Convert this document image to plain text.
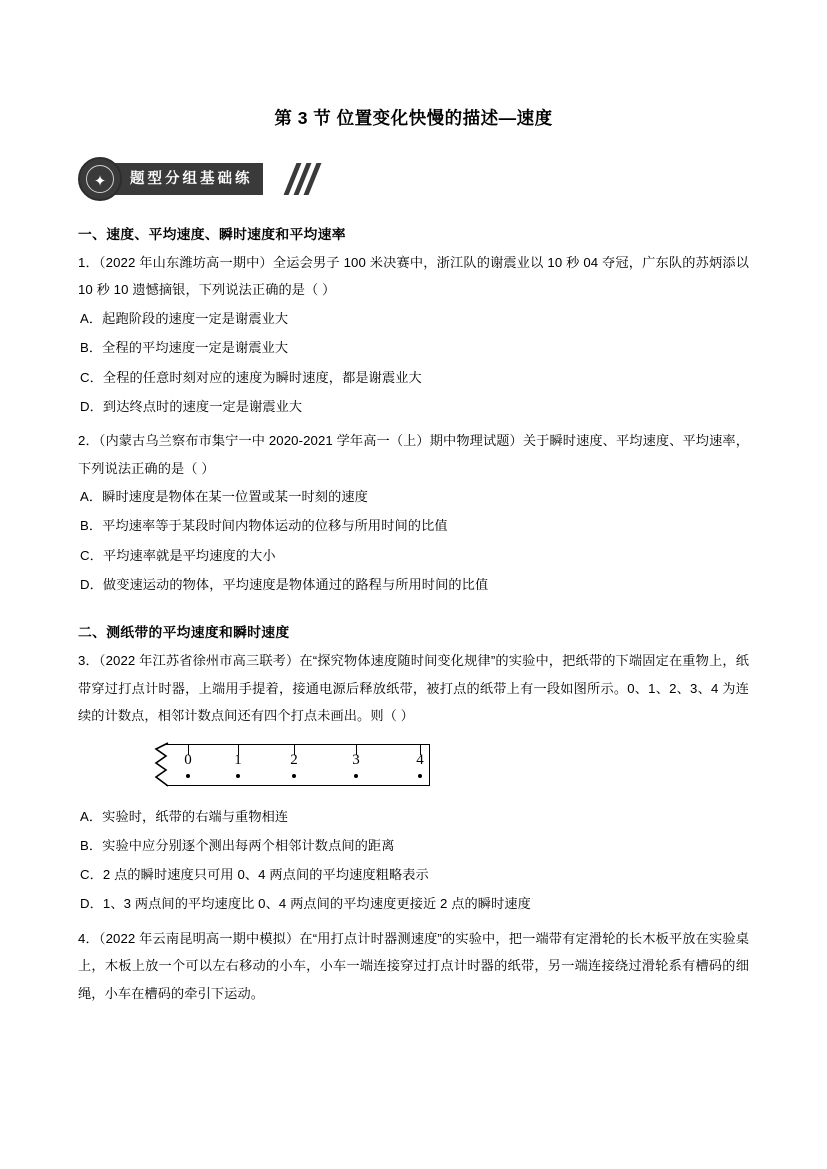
第 3 节 位置变化快慢的描述—速度
题型分组基础练
✦
一、速度、平均速度、瞬时速度和平均速率
1．（2022 年山东潍坊高一期中）全运会男子 100 米决赛中，浙江队的谢震业以 10 秒 04 夺冠，广东队的苏炳添以 10 秒 10 遗憾摘银，下列说法正确的是（ ）
A．起跑阶段的速度一定是谢震业大
B．全程的平均速度一定是谢震业大
C．全程的任意时刻对应的速度为瞬时速度，都是谢震业大
D．到达终点时的速度一定是谢震业大
2．（内蒙古乌兰察布市集宁一中 2020-2021 学年高一（上）期中物理试题）关于瞬时速度、平均速度、平均速率，下列说法正确的是（ ）
A．瞬时速度是物体在某一位置或某一时刻的速度
B．平均速率等于某段时间内物体运动的位移与所用时间的比值
C．平均速率就是平均速度的大小
D．做变速运动的物体，平均速度是物体通过的路程与所用时间的比值
二、测纸带的平均速度和瞬时速度
3．（2022 年江苏省徐州市高三联考）在“探究物体速度随时间变化规律”的实验中，把纸带的下端固定在重物上，纸带穿过打点计时器，上端用手提着，接通电源后释放纸带，被打点的纸带上有一段如图所示。0、1、2、3、4 为连续的计数点，相邻计数点间还有四个打点未画出。则（ ）
0	1	2	3	4
A．实验时，纸带的右端与重物相连
B．实验中应分别逐个测出每两个相邻计数点间的距离
C．2 点的瞬时速度只可用 0、4 两点间的平均速度粗略表示
D．1、3 两点间的平均速度比 0、4 两点间的平均速度更接近 2 点的瞬时速度
4．（2022 年云南昆明高一期中模拟）在“用打点计时器测速度”的实验中，把一端带有定滑轮的长木板平放在实验桌上，木板上放一个可以左右移动的小车，小车一端连接穿过打点计时器的纸带，另一端连接绕过滑轮系有槽码的细绳，小车在槽码的牵引下运动。
